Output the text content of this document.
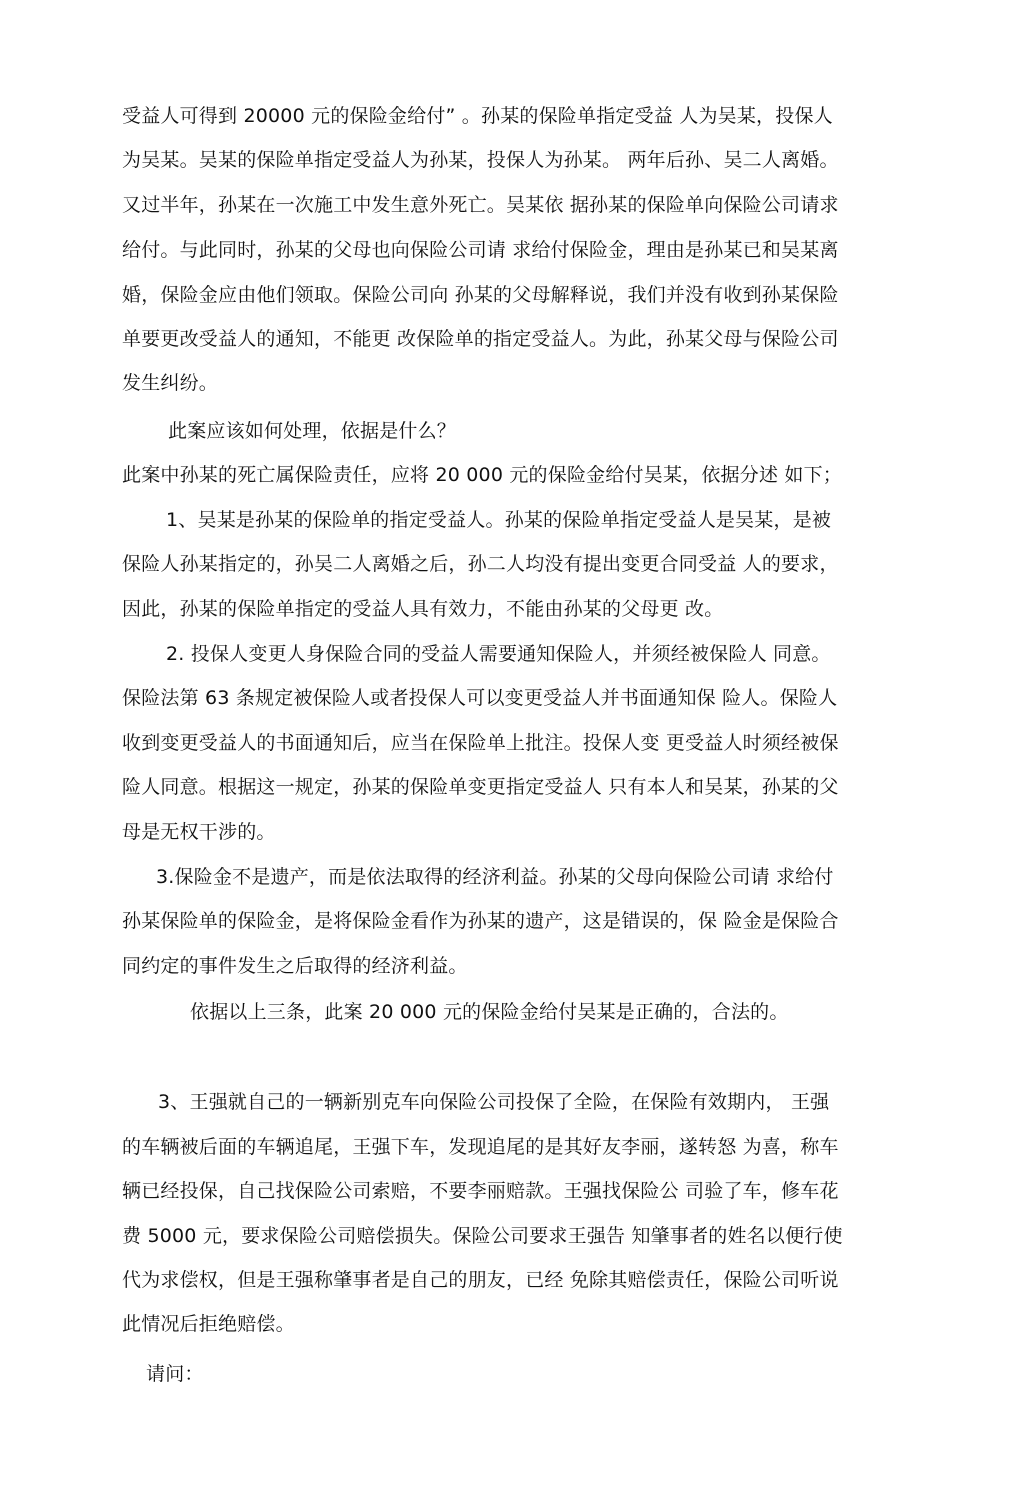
受益人可得到 20000 元的保险金给付” 。孙某的保险单指定受益 人为吴某，投保人
为吴某。吴某的保险单指定受益人为孙某，投保人为孙某。 两年后孙、吴二人离婚。
又过半年，孙某在一次施工中发生意外死亡。吴某依 据孙某的保险单向保险公司请求
给付。与此同时，孙某的父母也向保险公司请 求给付保险金，理由是孙某已和吴某离
婚，保险金应由他们领取。保险公司向 孙某的父母解释说，我们并没有收到孙某保险
单要更改受益人的通知，不能更 改保险单的指定受益人。为此，孙某父母与保险公司
发生纠纷。
此案应该如何处理，依据是什么？
此案中孙某的死亡属保险责任，应将 20 000 元的保险金给付吴某，依据分述 如下；
1、吴某是孙某的保险单的指定受益人。孙某的保险单指定受益人是吴某，是被
保险人孙某指定的，孙吴二人离婚之后，孙二人均没有提出变更合同受益 人的要求，
因此，孙某的保险单指定的受益人具有效力，不能由孙某的父母更 改。
2. 投保人变更人身保险合同的受益人需要通知保险人，并须经被保险人 同意。
保险法第 63 条规定被保险人或者投保人可以变更受益人并书面通知保 险人。保险人
收到变更受益人的书面通知后，应当在保险单上批注。投保人变 更受益人时须经被保
险人同意。根据这一规定，孙某的保险单变更指定受益人 只有本人和吴某，孙某的父
母是无权干涉的。
3.保险金不是遗产，而是依法取得的经济利益。孙某的父母向保险公司请 求给付
孙某保险单的保险金，是将保险金看作为孙某的遗产，这是错误的，保 险金是保险合
同约定的事件发生之后取得的经济利益。
依据以上三条，此案 20 000 元的保险金给付吴某是正确的，合法的。
3、王强就自己的一辆新别克车向保险公司投保了全险，在保险有效期内， 王强
的车辆被后面的车辆追尾，王强下车，发现追尾的是其好友李丽，遂转怒 为喜，称车
辆已经投保，自己找保险公司索赔，不要李丽赔款。王强找保险公 司验了车，修车花
费 5000 元，要求保险公司赔偿损失。保险公司要求王强告 知肇事者的姓名以便行使
代为求偿权，但是王强称肇事者是自己的朋友，已经 免除其赔偿责任，保险公司听说
此情况后拒绝赔偿。
请问：
